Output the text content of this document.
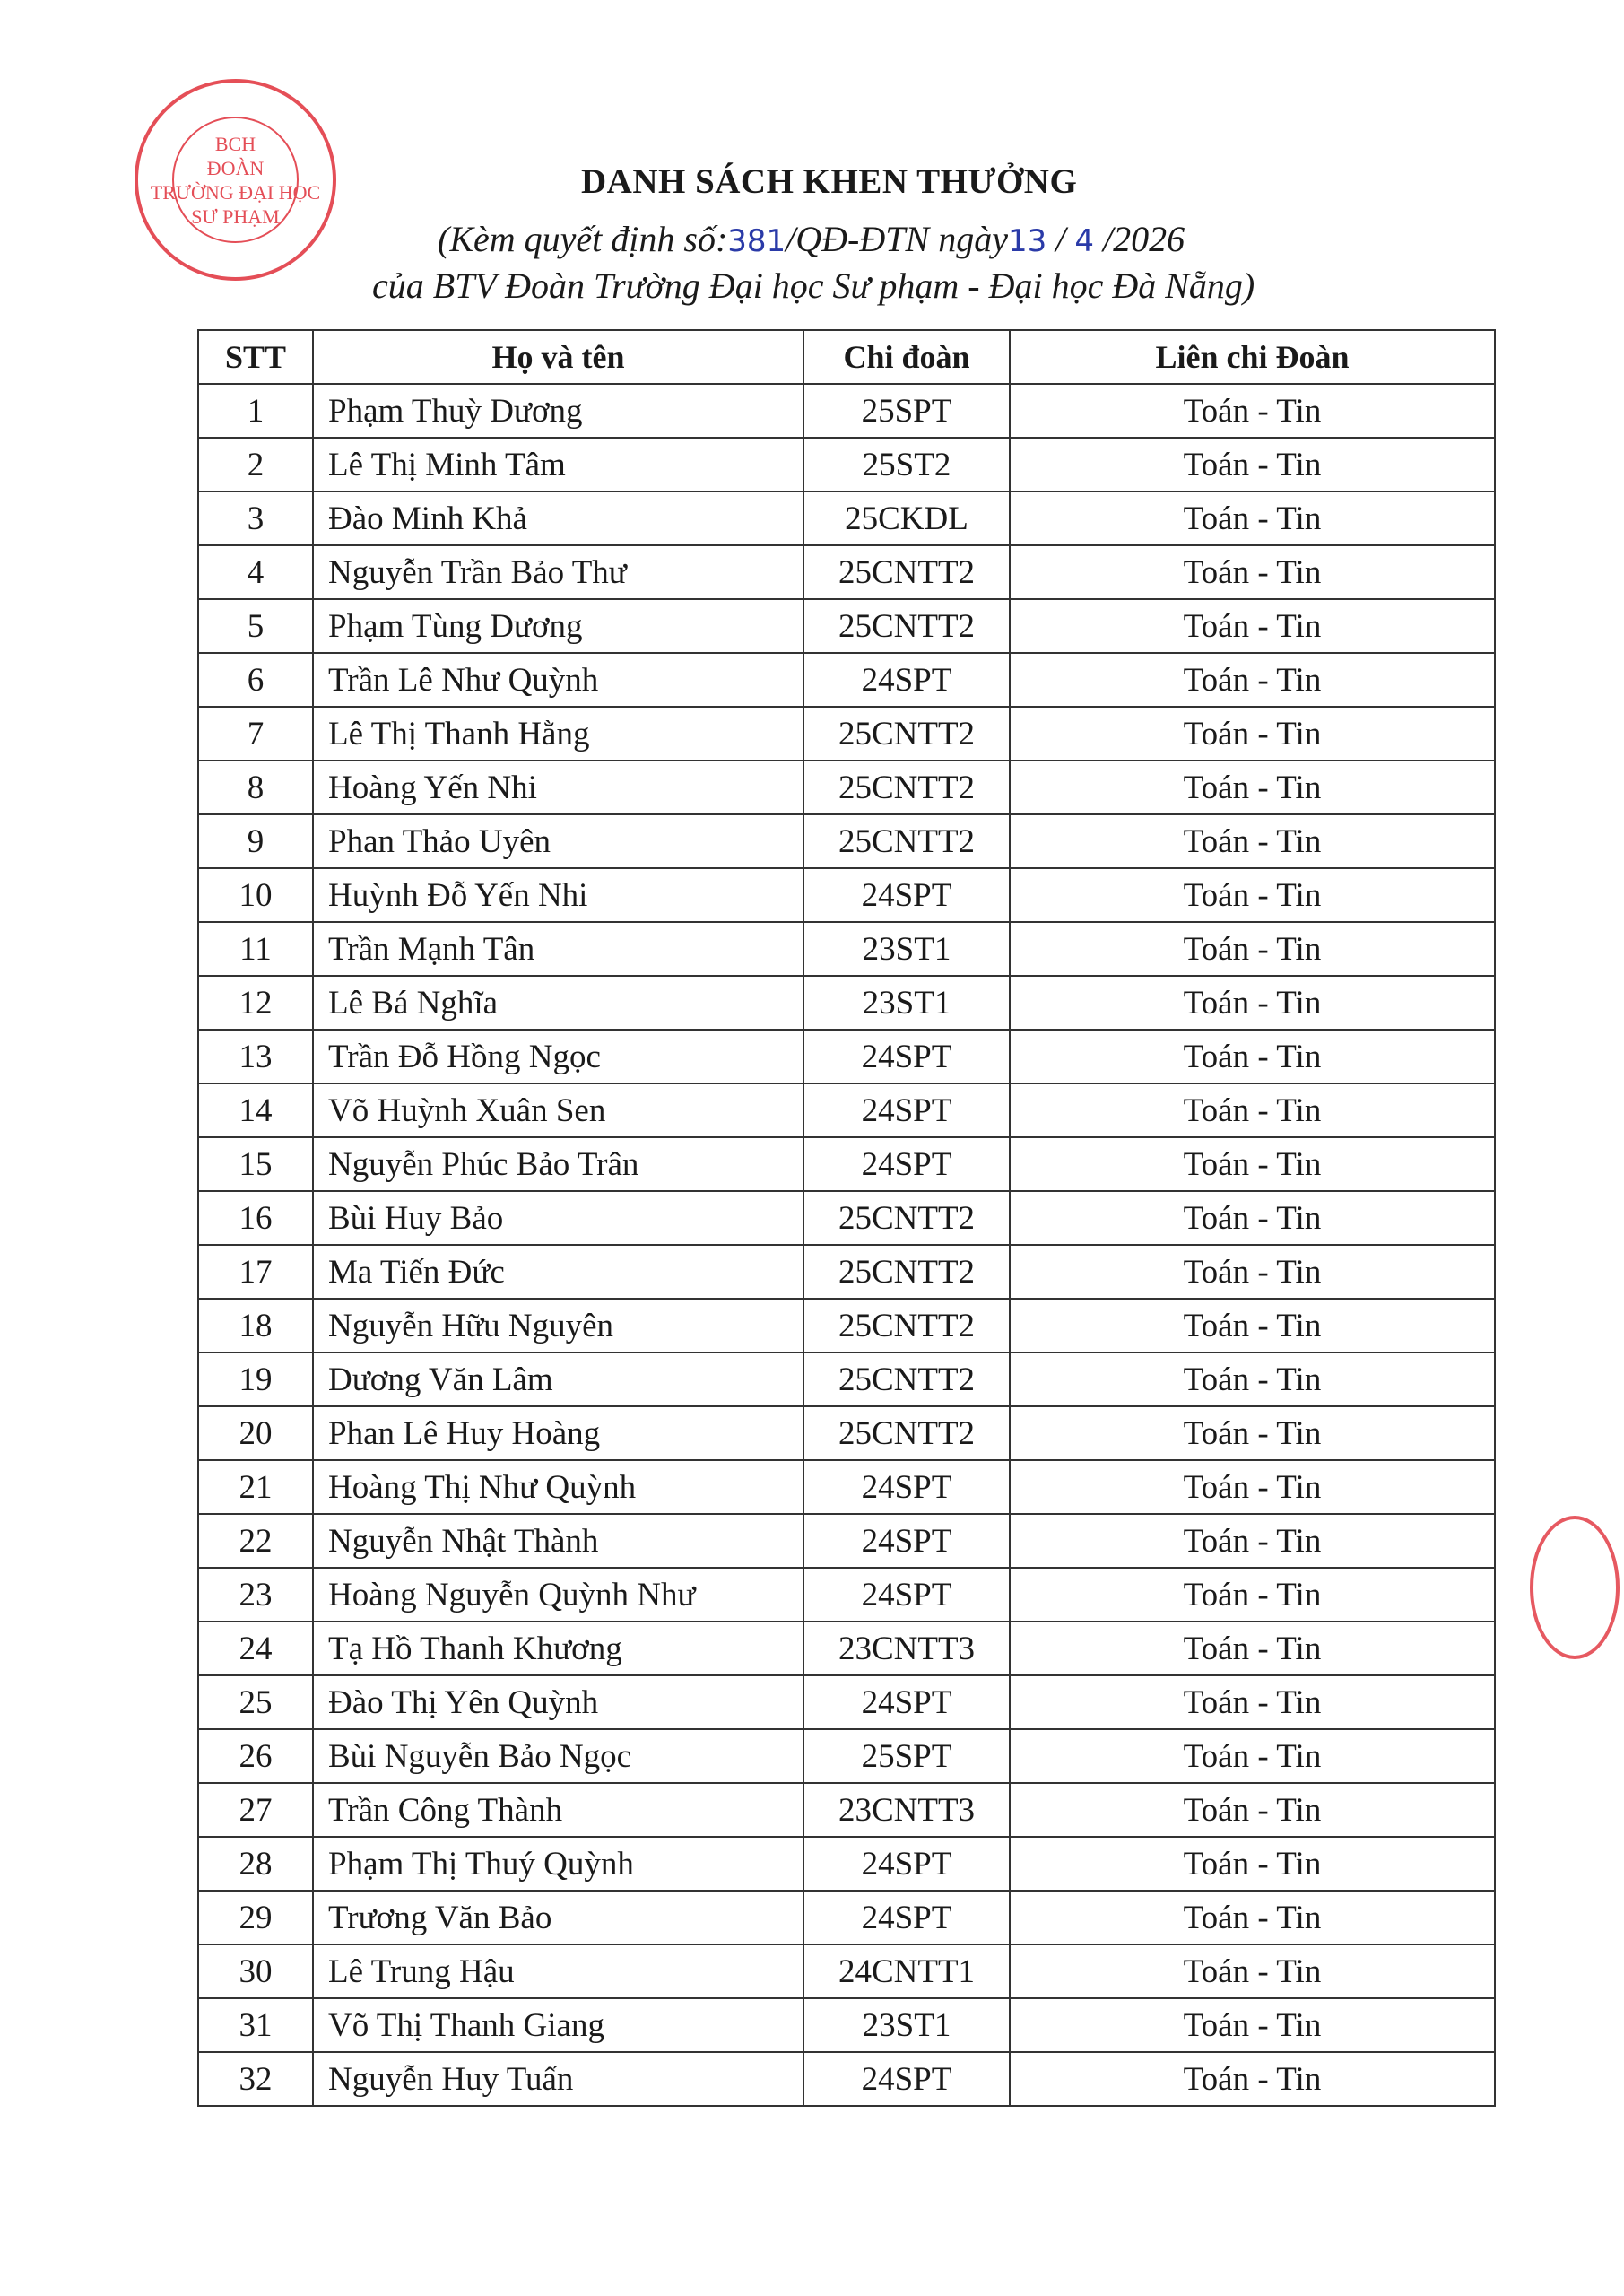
BCH
ĐOÀN
TRƯỜNG ĐẠI HỌC
SƯ PHẠM
DANH SÁCH KHEN THƯỞNG
(Kèm quyết định số:381/QĐ-ĐTN ngày13 / 4 /2026
của BTV Đoàn Trường Đại học Sư phạm - Đại học Đà Nẵng)
STT	Họ và tên	Chi đoàn	Liên chi Đoàn
1	Phạm Thuỳ Dương	25SPT	Toán - Tin
2	Lê Thị Minh Tâm	25ST2	Toán - Tin
3	Đào Minh Khả	25CKDL	Toán - Tin
4	Nguyễn Trần Bảo Thư	25CNTT2	Toán - Tin
5	Phạm Tùng Dương	25CNTT2	Toán - Tin
6	Trần Lê Như Quỳnh	24SPT	Toán - Tin
7	Lê Thị Thanh Hằng	25CNTT2	Toán - Tin
8	Hoàng Yến Nhi	25CNTT2	Toán - Tin
9	Phan Thảo Uyên	25CNTT2	Toán - Tin
10	Huỳnh Đỗ Yến Nhi	24SPT	Toán - Tin
11	Trần Mạnh Tân	23ST1	Toán - Tin
12	Lê Bá Nghĩa	23ST1	Toán - Tin
13	Trần Đỗ Hồng Ngọc	24SPT	Toán - Tin
14	Võ Huỳnh Xuân Sen	24SPT	Toán - Tin
15	Nguyễn Phúc Bảo Trân	24SPT	Toán - Tin
16	Bùi Huy Bảo	25CNTT2	Toán - Tin
17	Ma Tiến Đức	25CNTT2	Toán - Tin
18	Nguyễn Hữu Nguyên	25CNTT2	Toán - Tin
19	Dương Văn Lâm	25CNTT2	Toán - Tin
20	Phan Lê Huy Hoàng	25CNTT2	Toán - Tin
21	Hoàng Thị Như Quỳnh	24SPT	Toán - Tin
22	Nguyễn Nhật Thành	24SPT	Toán - Tin
23	Hoàng Nguyễn Quỳnh Như	24SPT	Toán - Tin
24	Tạ Hồ Thanh Khương	23CNTT3	Toán - Tin
25	Đào Thị Yên Quỳnh	24SPT	Toán - Tin
26	Bùi Nguyễn Bảo Ngọc	25SPT	Toán - Tin
27	Trần Công Thành	23CNTT3	Toán - Tin
28	Phạm Thị Thuý Quỳnh	24SPT	Toán - Tin
29	Trương Văn Bảo	24SPT	Toán - Tin
30	Lê Trung Hậu	24CNTT1	Toán - Tin
31	Võ Thị Thanh Giang	23ST1	Toán - Tin
32	Nguyễn Huy Tuấn	24SPT	Toán - Tin
